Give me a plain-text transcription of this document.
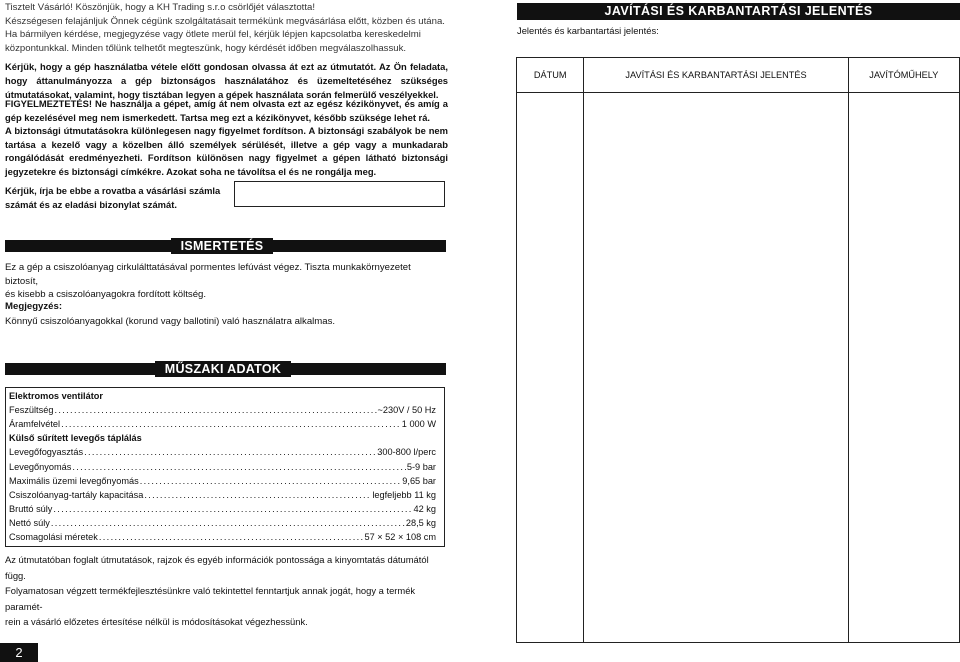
Tisztelt Vásárló! Köszönjük, hogy a KH Trading s.r.o csörlőjét választotta!

Készségesen felajánljuk Önnek cégünk szolgáltatásait termékünk megvásárlása előtt, közben és utána.

Ha bármilyen kérdése, megjegyzése vagy ötlete merül fel, kérjük lépjen kapcsolatba kereskedelmi

központunkkal. Minden tőlünk telhetőt megteszünk, hogy kérdését időben megválaszolhassuk.

Kérjük, hogy a gép használatba vétele előtt gondosan olvassa át ezt az útmutatót. Az Ön feladata, hogy áttanulmányozza a gép biztonságos használatához és üzemeltetéséhez szükséges útmutatásokat, valamint, hogy tisztában legyen a gépek használata során felmerülő veszélyekkel.

FIGYELMEZTETÉS! Ne használja a gépet, amíg át nem olvasta ezt az egész kézikönyvet, és amíg a gép kezelésével meg nem ismerkedett. Tartsa meg ezt a kézikönyvet, később szüksége lehet rá.

A biztonsági útmutatásokra különlegesen nagy figyelmet fordítson. A biztonsági szabályok be nem tartása a kezelő vagy a közelben álló személyek sérülését, illetve a gép vagy a munkadarab rongálódását eredményezheti. Fordítson különösen nagy figyelmet a gépen látható biztonsági jegyzetekre és biztonsági címkékre. Azokat soha ne távolítsa el és ne rongálja meg.

Kérjük, írja be ebbe a rovatba a vásárlási számla számát és az eladási bizonylat számát.
ISMERTETÉS

Ez a gép a csiszolóanyag cirkulálttatásával pormentes lefúvást végez. Tiszta munkakörnyezetet biztosít,

és kisebb a csiszolóanyagokra fordított költség.

Megjegyzés:
Könnyű csiszolóanyagokkal (korund vagy ballotini) való használatra alkalmas.
MŰSZAKI ADATOK
Elektromos ventilátor
Feszültség . . .	~230V / 50 Hz
Áramfelvétel . . .	1 000 W
Külső sűrített levegős táplálás
Levegőfogyasztás . . .	300-800 l/perc
Levegőnyomás . . .	5-9 bar
Maximális üzemi levegőnyomás . . .	9,65 bar
Csiszolóanyag-tartály kapacitása . . .	legfeljebb 11 kg
Bruttó súly . . .	42 kg
Nettó súly . . .	28,5 kg
Csomagolási méretek . . .	57 × 52 × 108 cm

Az útmutatóban foglalt útmutatások, rajzok és egyéb információk pontossága a kinyomtatás dátumától függ.

Folyamatosan végzett termékfejlesztésünkre való tekintettel fenntartjuk annak jogát, hogy a termék paramét-

rein a vásárló előzetes értesítése nélkül is módosításokat végezhessünk.

2
JAVÍTÁSI ÉS KARBANTARTÁSI JELENTÉS
Jelentés és karbantartási jelentés:
DÁTUM	JAVÍTÁSI ÉS KARBANTARTÁSI JELENTÉS	JAVÍTÓMŰHELY
